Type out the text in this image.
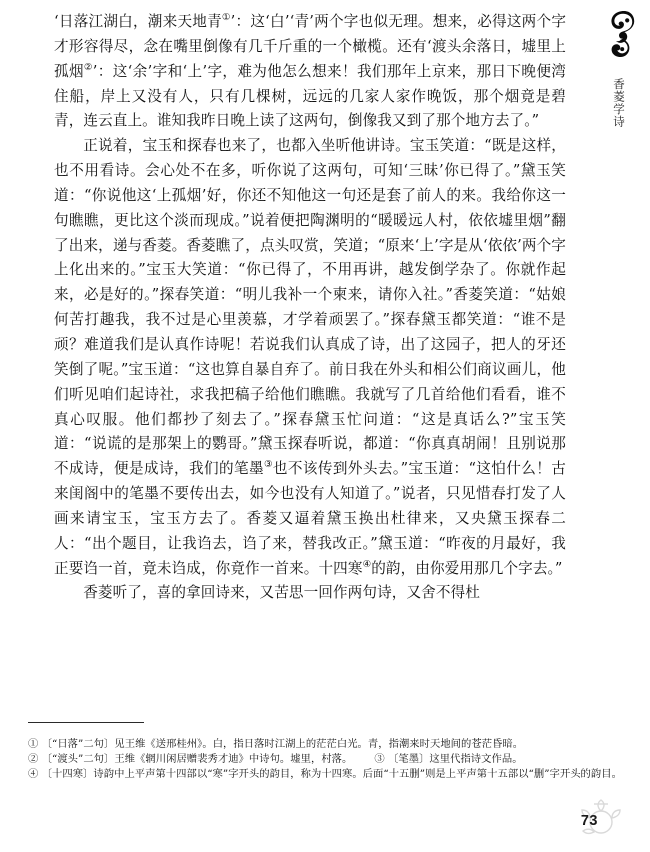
香菱学诗

‘日落江湖白，潮来天地青①’：这‘白’‘青’两个字也似无理。想来，必得这两个字才形容得尽，念在嘴里倒像有几千斤重的一个橄榄。还有‘渡头余落日，墟里上孤烟②’：这‘余’字和‘上’字，难为他怎么想来！我们那年上京来，那日下晚便湾住船，岸上又没有人，只有几棵树，远远的几家人家作晚饭，那个烟竟是碧青，连云直上。谁知我昨日晚上读了这两句，倒像我又到了那个地方去了。”

正说着，宝玉和探春也来了，也都入坐听他讲诗。宝玉笑道：“既是这样，也不用看诗。会心处不在多，听你说了这两句，可知‘三昧’你已得了。”黛玉笑道：“你说他这‘上孤烟’好，你还不知他这一句还是套了前人的来。我给你这一句瞧瞧，更比这个淡而现成。”说着便把陶渊明的“暖暖远人村，依依墟里烟”翻了出来，递与香菱。香菱瞧了，点头叹赏，笑道；“原来‘上’字是从‘依依’两个字上化出来的。”宝玉大笑道：“你已得了，不用再讲，越发倒学杂了。你就作起来，必是好的。”探春笑道：“明儿我补一个柬来，请你入社。”香菱笑道：“姑娘何苦打趣我，我不过是心里羡慕，才学着顽罢了。”探春黛玉都笑道：“谁不是顽？难道我们是认真作诗呢！若说我们认真成了诗，出了这园子，把人的牙还笑倒了呢。”宝玉道：“这也算自暴自弃了。前日我在外头和相公们商议画儿，他们听见咱们起诗社，求我把稿子给他们瞧瞧。我就写了几首给他们看看，谁不真心叹服。他们都抄了刻去了。”探春黛玉忙问道：“这是真话么?”宝玉笑道：“说谎的是那架上的鹦哥。”黛玉探春听说，都道：“你真真胡闹！且别说那不成诗，便是成诗，我们的笔墨③也不该传到外头去。”宝玉道：“这怕什么！古来闺阁中的笔墨不要传出去，如今也没有人知道了。”说者，只见惜春打发了人画来请宝玉，宝玉方去了。香菱又逼着黛玉换出杜律来，又央黛玉探春二人：“出个题目，让我诌去，诌了来，替我改正。”黛玉道：“昨夜的月最好，我正要诌一首，竟未诌成，你竟作一首来。十四寒④的韵，由你爱用那几个字去。”

香菱听了，喜的拿回诗来，又苦思一回作两句诗，又舍不得杜

① 〔“日落”二句〕见王维《送邢桂州》。白，指日落时江湖上的茫茫白光。青，指潮来时天地间的苍茫昏暗。

② 〔“渡头”二句〕王维《辋川闲居赠裴秀才迪》中诗句。墟里，村落。 ③ 〔笔墨〕这里代指诗文作品。

④ 〔十四寒〕诗韵中上平声第十四部以“寒”字开头的韵目，称为十四寒。后面“十五删”则是上平声第十五部以“删”字开头的韵目。

73
